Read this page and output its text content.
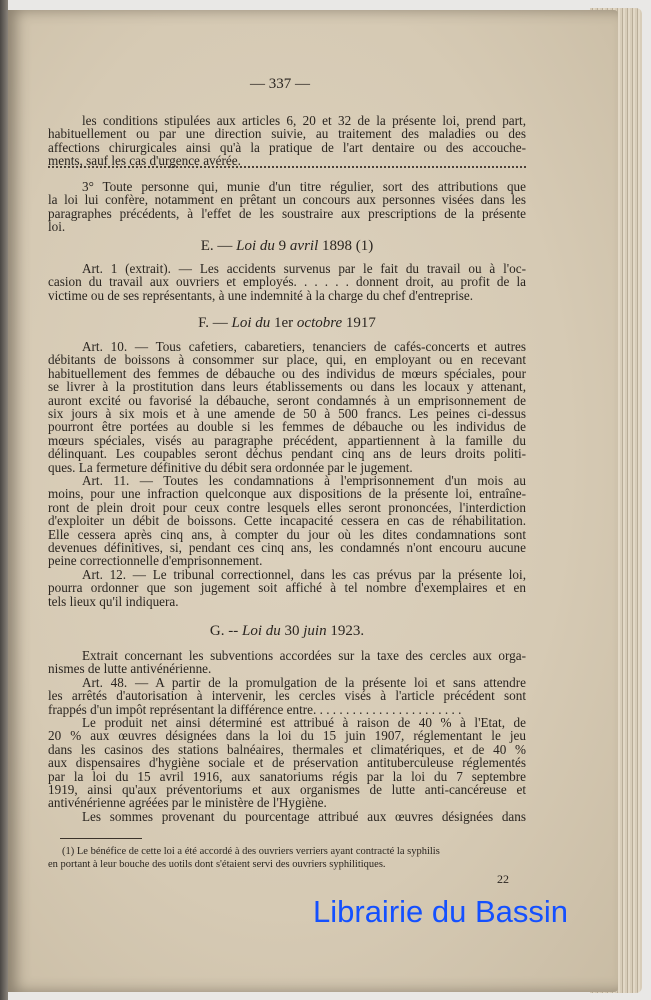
— 337 —
les conditions stipulées aux articles 6, 20 et 32 de la présente loi, prend part,
habituellement ou par une direction suivie, au traitement des maladies ou des
affections chirurgicales ainsi qu'à la pratique de l'art dentaire ou des accouche-
ments, sauf les cas d'urgence avérée.
3° Toute personne qui, munie d'un titre régulier, sort des attributions que
la loi lui confère, notamment en prêtant un concours aux personnes visées dans les
paragraphes précédents, à l'effet de les soustraire aux prescriptions de la présente
loi.
Art. 1 (extrait). — Les accidents survenus par le fait du travail ou à l'oc-
casion du travail aux ouvriers et employés. . . . . . donnent droit, au profit de la
victime ou de ses représentants, à une indemnité à la charge du chef d'entreprise.
Art. 10. — Tous cafetiers, cabaretiers, tenanciers de cafés-concerts et autres
débitants de boissons à consommer sur place, qui, en employant ou en recevant
habituellement des femmes de débauche ou des individus de mœurs spéciales, pour
se livrer à la prostitution dans leurs établissements ou dans les locaux y attenant,
auront excité ou favorisé la débauche, seront condamnés à un emprisonnement de
six jours à six mois et à une amende de 50 à 500 francs. Les peines ci-dessus
pourront être portées au double si les femmes de débauche ou les individus de
mœurs spéciales, visés au paragraphe précédent, appartiennent à la famille du
délinquant. Les coupables seront déchus pendant cinq ans de leurs droits politi-
ques. La fermeture définitive du débit sera ordonnée par le jugement.
Art. 11. — Toutes les condamnations à l'emprisonnement d'un mois au
moins, pour une infraction quelconque aux dispositions de la présente loi, entraîne-
ront de plein droit pour ceux contre lesquels elles seront prononcées, l'interdiction
d'exploiter un débit de boissons. Cette incapacité cessera en cas de réhabilitation.
Elle cessera après cinq ans, à compter du jour où les dites condamnations sont
devenues définitives, si, pendant ces cinq ans, les condamnés n'ont encouru aucune
peine correctionnelle d'emprisonnement.
Art. 12. — Le tribunal correctionnel, dans les cas prévus par la présente loi,
pourra ordonner que son jugement soit affiché à tel nombre d'exemplaires et en
tels lieux qu'il indiquera.
Extrait concernant les subventions accordées sur la taxe des cercles aux orga-
nismes de lutte antivénérienne.
Art. 48. — A partir de la promulgation de la présente loi et sans attendre
les arrêtés d'autorisation à intervenir, les cercles visés à l'article précédent sont
frappés d'un impôt représentant la différence entre. . . . . . . . . . . . . . . . . . . . . . .
Le produit net ainsi déterminé est attribué à raison de 40 % à l'Etat, de
20 % aux œuvres désignées dans la loi du 15 juin 1907, réglementant le jeu
dans les casinos des stations balnéaires, thermales et climatériques, et de 40 %
aux dispensaires d'hygiène sociale et de préservation antituberculeuse réglementés
par la loi du 15 avril 1916, aux sanatoriums régis par la loi du 7 septembre
1919, ainsi qu'aux préventoriums et aux organismes de lutte anti-cancéreuse et
antivénérienne agréées par le ministère de l'Hygiène.
Les sommes provenant du pourcentage attribué aux œuvres désignées dans
E. — Loi du 9 avril 1898 (1)
F. — Loi du 1er octobre 1917
G. -- Loi du 30 juin 1923.
(1) Le bénéfice de cette loi a été accordé à des ouvriers verriers ayant contracté la syphilis
en portant à leur bouche des uotils dont s'étaient servi des ouvriers syphilitiques.
22
Librairie du Bassin
